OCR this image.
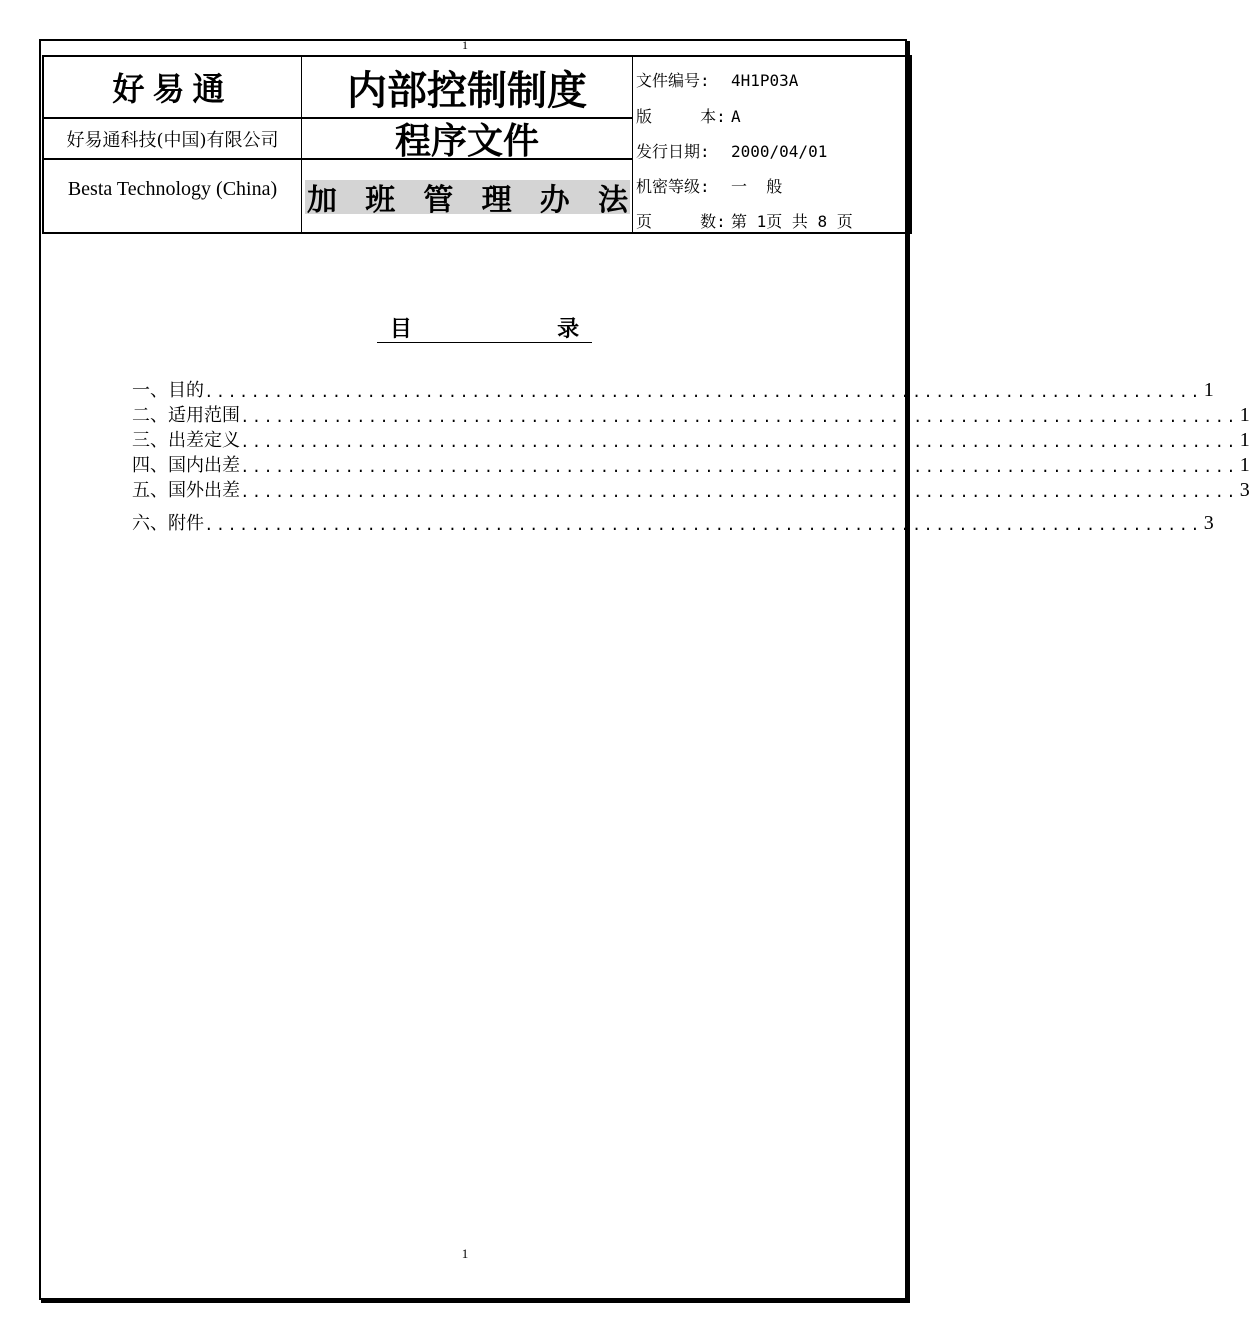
1
好易通
好易通科技(中国)有限公司
Besta Technology (China)
内部控制制度
程序文件
加 班 管 理 办 法
文件编号: 4H1P03A
版     本: A
发行日期: 2000/04/01
机密等级: 一  般
页     数: 第 1页 共 8 页
目	录
一、目的 ...................................................................................... 1
二、适用范围 ...................................................................................... 1
三、出差定义 ...................................................................................... 1
四、国内出差 ...................................................................................... 1
五、国外出差 ...................................................................................... 3
六、附件 ...................................................................................... 3
1
